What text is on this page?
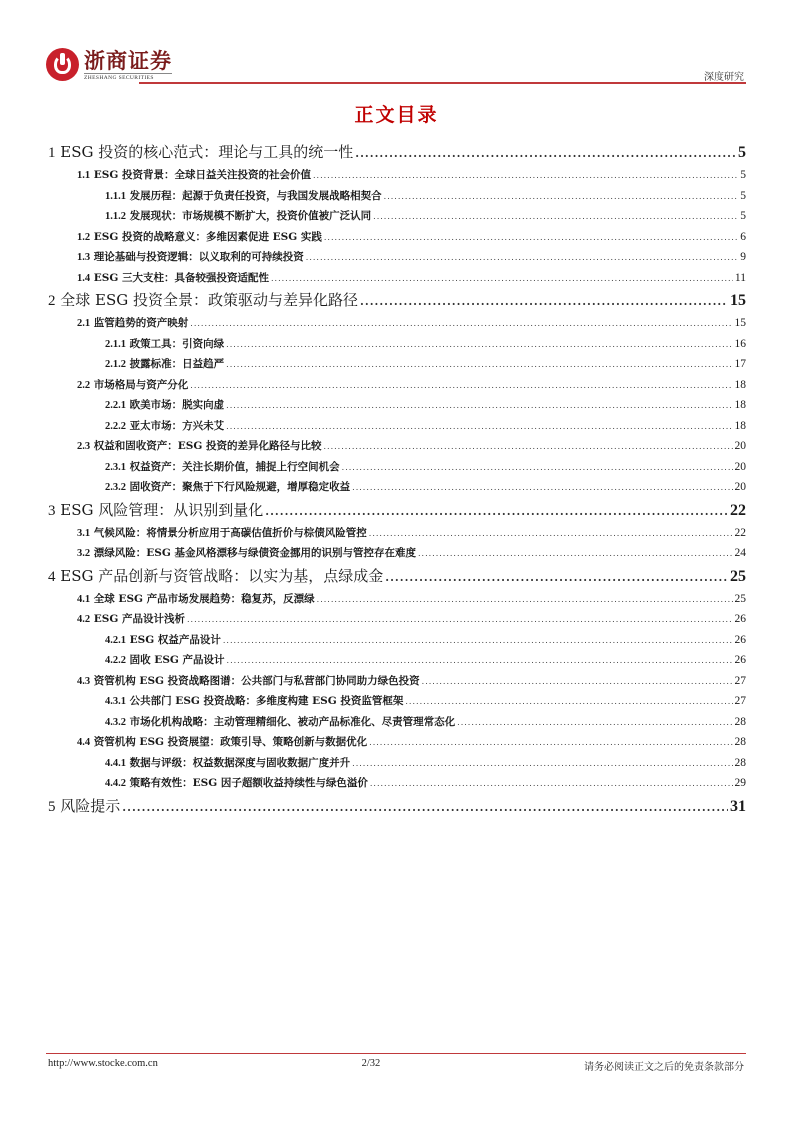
浙商证券
ZHESHANG SECURITIES	深度研究
正文目录
1 ESG 投资的核心范式：理论与工具的统一性 .....	5
1.1 ESG 投资背景：全球日益关注投资的社会价值 .....	5
1.1.1 发展历程：起源于负责任投资，与我国发展战略相契合 .....	5
1.1.2 发展现状：市场规模不断扩大，投资价值被广泛认同 .....	5
1.2 ESG 投资的战略意义：多维因素促进 ESG 实践 .....	6
1.3 理论基础与投资逻辑：以义取利的可持续投资 .....	9
1.4 ESG 三大支柱：具备较强投资适配性 .....	11
2 全球 ESG 投资全景：政策驱动与差异化路径 .....	15
2.1 监管趋势的资产映射 .....	15
2.1.1 政策工具：引资向绿 .....	16
2.1.2 披露标准：日益趋严 .....	17
2.2 市场格局与资产分化 .....	18
2.2.1 欧美市场：脱实向虚 .....	18
2.2.2 亚太市场：方兴未艾 .....	18
2.3 权益和固收资产：ESG 投资的差异化路径与比较 .....	20
2.3.1 权益资产：关注长期价值，捕捉上行空间机会 .....	20
2.3.2 固收资产：聚焦于下行风险规避，增厚稳定收益 .....	20
3 ESG 风险管理：从识别到量化 .....	22
3.1 气候风险：将情景分析应用于高碳估值折价与棕债风险管控 .....	22
3.2 漂绿风险：ESG 基金风格漂移与绿债资金挪用的识别与管控存在难度 .....	24
4 ESG 产品创新与资管战略：以实为基，点绿成金 .....	25
4.1 全球 ESG 产品市场发展趋势：稳复苏，反漂绿 .....	25
4.2 ESG 产品设计浅析 .....	26
4.2.1 ESG 权益产品设计 .....	26
4.2.2 固收 ESG 产品设计 .....	26
4.3 资管机构 ESG 投资战略图谱：公共部门与私营部门协同助力绿色投资 .....	27
4.3.1 公共部门 ESG 投资战略：多维度构建 ESG 投资监管框架 .....	27
4.3.2 市场化机构战略：主动管理精细化、被动产品标准化、尽责管理常态化 .....	28
4.4 资管机构 ESG 投资展望：政策引导、策略创新与数据优化 .....	28
4.4.1 数据与评级：权益数据深度与固收数据广度并升 .....	28
4.4.2 策略有效性：ESG 因子超额收益持续性与绿色溢价 .....	29
5 风险提示 .....	31
http://www.stocke.com.cn	2/32	请务必阅读正文之后的免责条款部分
